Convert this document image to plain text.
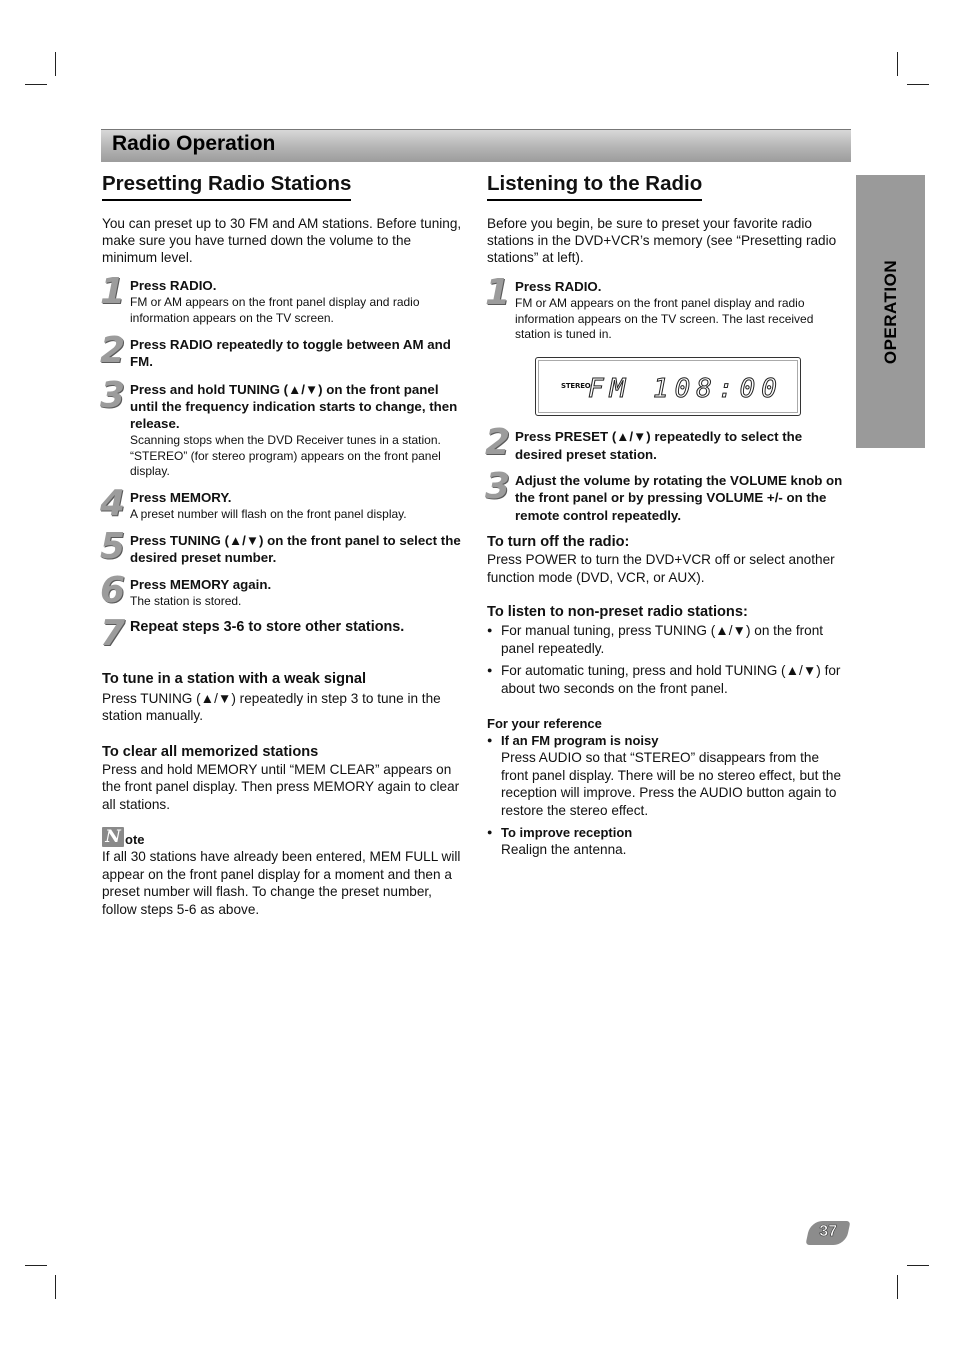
Radio Operation
OPERATION
Presetting Radio Stations

You can preset up to 30 FM and AM stations. Before tuning, make sure you have turned down the volume to the minimum level.

1 Press RADIO.
FM or AM appears on the front panel display and radio information appears on the TV screen.
2 Press RADIO repeatedly to toggle between AM and FM.
3 Press and hold TUNING (▲/▼) on the front panel until the frequency indication starts to change, then release.
Scanning stops when the DVD Receiver tunes in a station. “STEREO” (for stereo program) appears on the front panel display.
4 Press MEMORY.
A preset number will flash on the front panel display.
5 Press TUNING (▲/▼) on the front panel to select the desired preset number.
6 Press MEMORY again.
The station is stored.
7 Repeat steps 3-6 to store other stations.
To tune in a station with a weak signal
Press TUNING (▲/▼) repeatedly in step 3 to tune in the station manually.
To clear all memorized stations
Press and hold MEMORY until “MEM CLEAR” appears on the front panel display. Then press MEMORY again to clear all stations.
N ote
If all 30 stations have already been entered, MEM FULL will appear on the front panel display for a moment and then a preset number will flash. To change the preset number, follow steps 5-6 as above.
Listening to the Radio

Before you begin, be sure to preset your favorite radio stations in the DVD+VCR’s memory (see “Presetting radio stations” at left).

1 Press RADIO.
FM or AM appears on the front panel display and radio information appears on the TV screen. The last received station is tuned in.
STEREO
FM 108:00
2 Press PRESET (▲/▼) repeatedly to select the desired preset station.
3 Adjust the volume by rotating the VOLUME knob on the front panel or by pressing VOLUME +/- on the remote control repeatedly.
To turn off the radio:
Press POWER to turn the DVD+VCR off or select another function mode (DVD, VCR, or AUX).
To listen to non-preset radio stations:
● For manual tuning, press TUNING (▲/▼) on the front panel repeatedly.
● For automatic tuning, press and hold TUNING (▲/▼) for about two seconds on the front panel.
For your reference
● If an FM program is noisy
Press AUDIO so that “STEREO” disappears from the front panel display. There will be no stereo effect, but the reception will improve. Press the AUDIO button again to restore the stereo effect.
● To improve reception
Realign the antenna.
37
